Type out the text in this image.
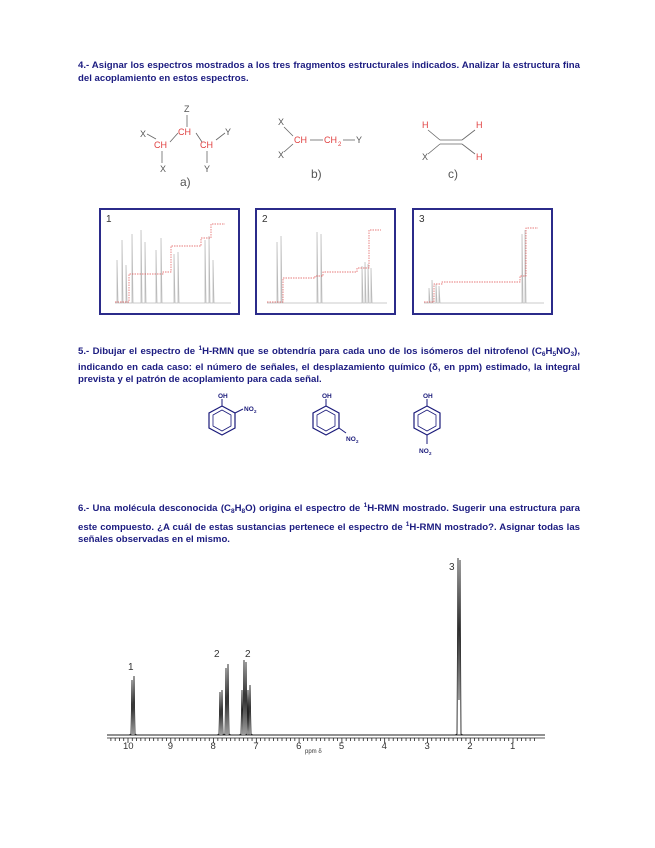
4.- Asignar los espectros mostrados a los tres fragmentos estructurales indicados. Analizar la estructura fina del acoplamiento en estos espectros.
Z
X
X
Y
Y
CH
CH	CH
a)
X
X
Y
CH CH 2
b)
H	H
H
X
c)
1	2	3
5.- Dibujar el espectro de $^1$H-RMN que se obtendría para cada uno de los isómeros del nitrofenol $(C_6H_5NO_3)$, indicando en cada caso: el número de señales, el desplazamiento químico (δ, en ppm) estimado, la integral prevista y el patrón de acoplamiento para cada señal.
OH
NO 2
OH
NO 2
OH
NO 2
6.- Una molécula desconocida $(C_8H_8O)$ origina el espectro de $^1$H-RMN mostrado. Sugerir una estructura para este compuesto. ¿A cuál de estas sustancias pertenece el espectro de $^1$H-RMN mostrado?. Asignar todas las señales observadas en el mismo.
1
2	2
3
10	9	8	7	6	5	4	3	2	1
ppm δ
